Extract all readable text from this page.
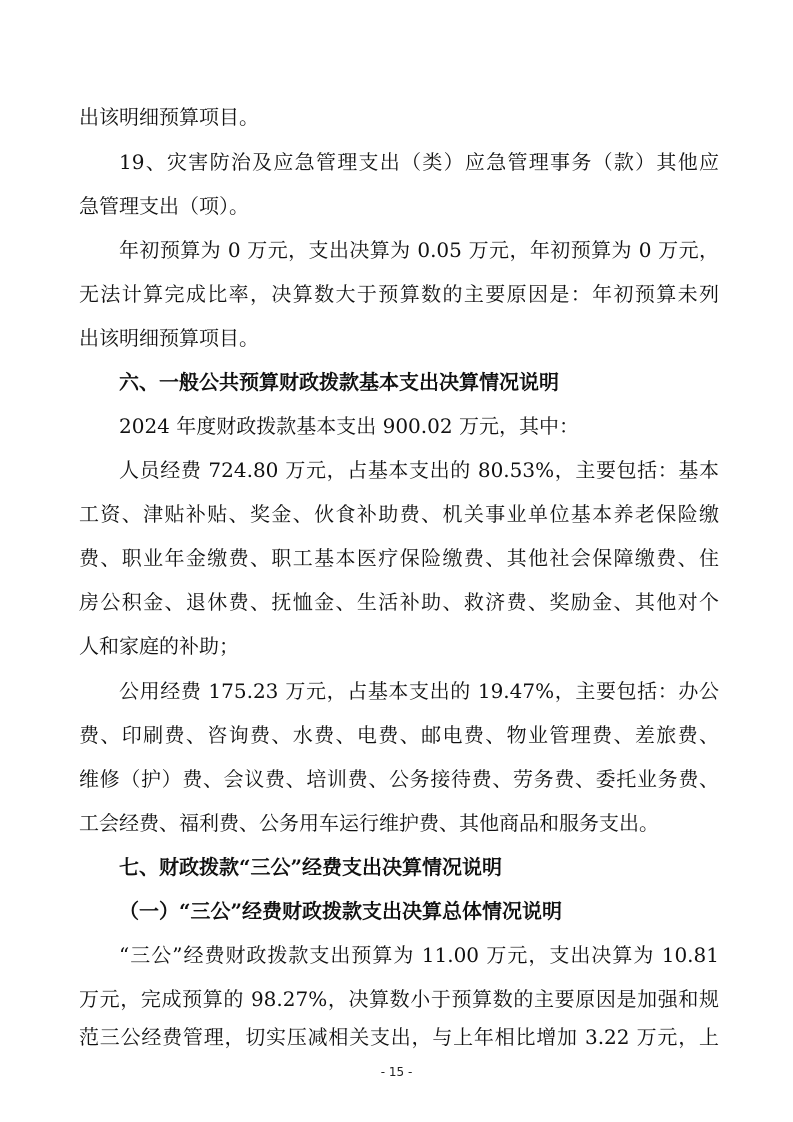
出该明细预算项目。
19、灾害防治及应急管理支出（类）应急管理事务（款）其他应
急管理支出（项）。
年初预算为 0 万元，支出决算为 0.05 万元，年初预算为 0 万元，
无法计算完成比率，决算数大于预算数的主要原因是：年初预算未列
出该明细预算项目。
六、一般公共预算财政拨款基本支出决算情况说明
2024 年度财政拨款基本支出 900.02 万元，其中：
人员经费 724.80 万元，占基本支出的 80.53%，主要包括：基本
工资、津贴补贴、奖金、伙食补助费、机关事业单位基本养老保险缴
费、职业年金缴费、职工基本医疗保险缴费、其他社会保障缴费、住
房公积金、退休费、抚恤金、生活补助、救济费、奖励金、其他对个
人和家庭的补助；
公用经费 175.23 万元，占基本支出的 19.47%，主要包括：办公
费、印刷费、咨询费、水费、电费、邮电费、物业管理费、差旅费、
维修（护）费、会议费、培训费、公务接待费、劳务费、委托业务费、
工会经费、福利费、公务用车运行维护费、其他商品和服务支出。
七、财政拨款“三公”经费支出决算情况说明
（一）“三公”经费财政拨款支出决算总体情况说明
“三公”经费财政拨款支出预算为 11.00 万元，支出决算为 10.81
万元，完成预算的 98.27%，决算数小于预算数的主要原因是加强和规
范三公经费管理，切实压减相关支出，与上年相比增加 3.22 万元，上
- 15 -
